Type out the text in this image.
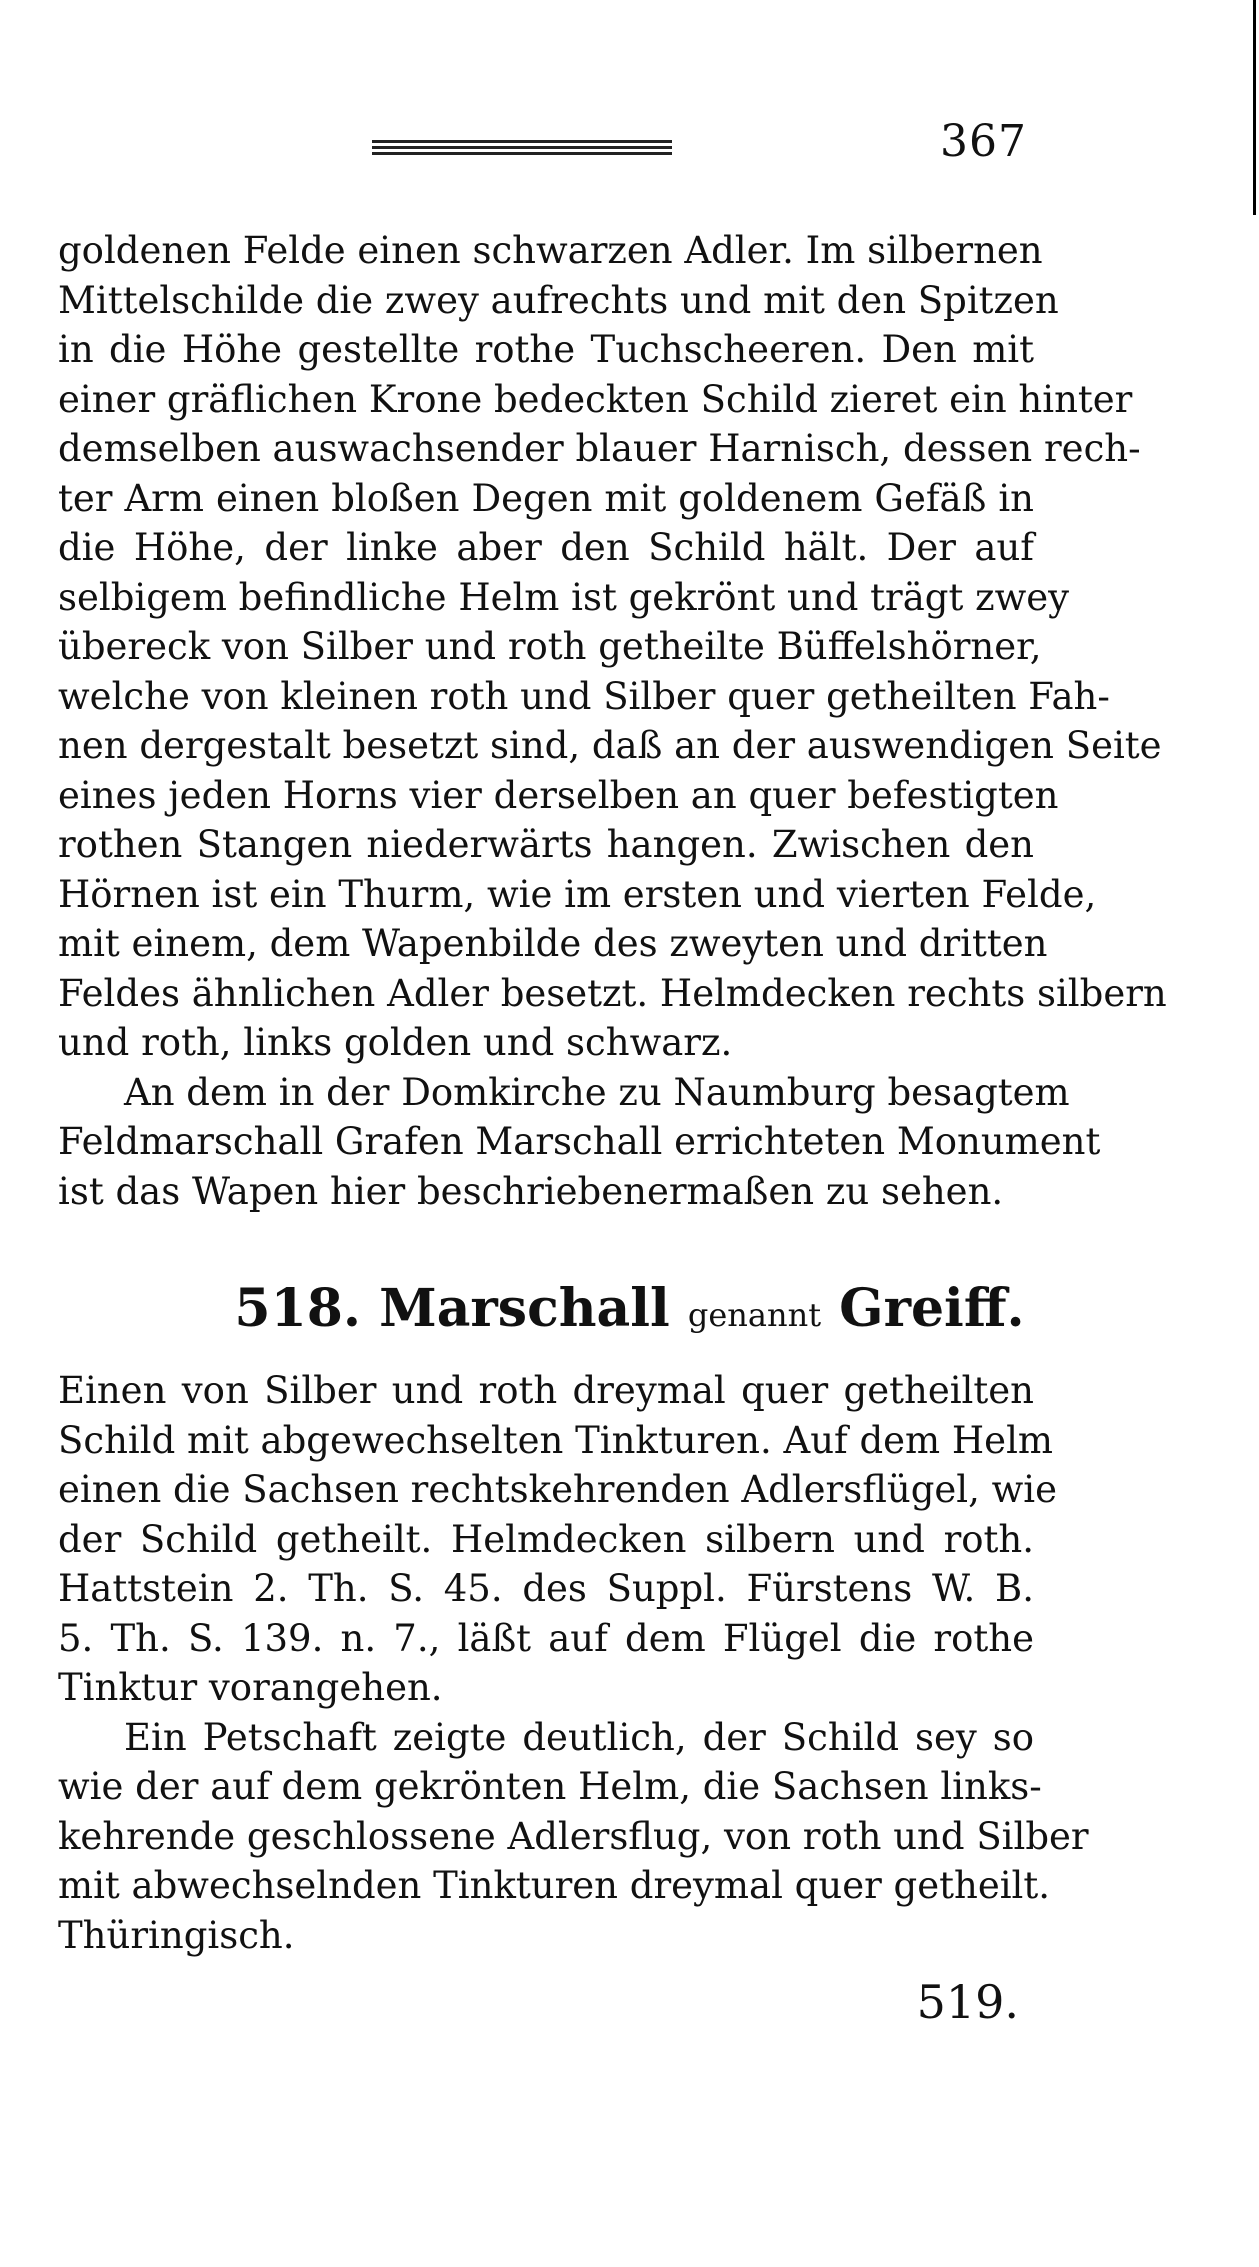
367
goldenen Felde einen schwarzen Adler. Im silbernen
Mittelschilde die zwey aufrechts und mit den Spitzen
in die Höhe gestellte rothe Tuchscheeren. Den mit
einer gräflichen Krone bedeckten Schild zieret ein hinter
demselben auswachsender blauer Harnisch, dessen rech-
ter Arm einen bloßen Degen mit goldenem Gefäß in
die Höhe, der linke aber den Schild hält. Der auf
selbigem befindliche Helm ist gekrönt und trägt zwey
übereck von Silber und roth getheilte Büffelshörner,
welche von kleinen roth und Silber quer getheilten Fah-
nen dergestalt besetzt sind, daß an der auswendigen Seite
eines jeden Horns vier derselben an quer befestigten
rothen Stangen niederwärts hangen. Zwischen den
Hörnen ist ein Thurm, wie im ersten und vierten Felde,
mit einem, dem Wapenbilde des zweyten und dritten
Feldes ähnlichen Adler besetzt. Helmdecken rechts silbern
und roth, links golden und schwarz.
An dem in der Domkirche zu Naumburg besagtem
Feldmarschall Grafen Marschall errichteten Monument
ist das Wapen hier beschriebenermaßen zu sehen.
518. Marschall genannt Greiff.
Einen von Silber und roth dreymal quer getheilten
Schild mit abgewechselten Tinkturen. Auf dem Helm
einen die Sachsen rechtskehrenden Adlersflügel, wie
der Schild getheilt. Helmdecken silbern und roth.
Hattstein 2. Th. S. 45. des Suppl. Fürstens W. B.
5. Th. S. 139. n. 7., läßt auf dem Flügel die rothe
Tinktur vorangehen.
Ein Petschaft zeigte deutlich, der Schild sey so
wie der auf dem gekrönten Helm, die Sachsen links-
kehrende geschlossene Adlersflug, von roth und Silber
mit abwechselnden Tinkturen dreymal quer getheilt.
Thüringisch.
519.
